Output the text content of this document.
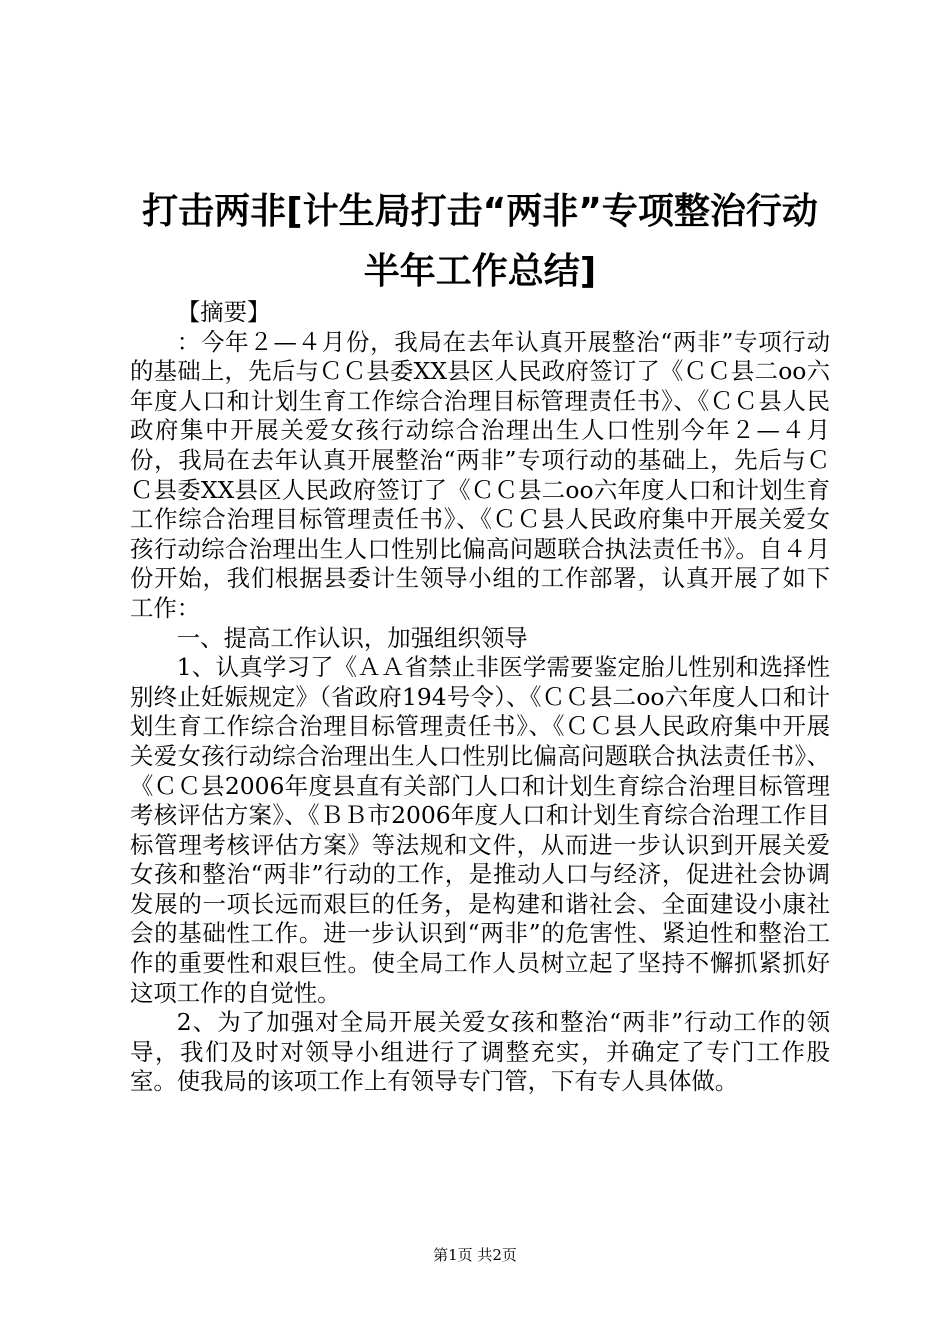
打击两非[计生局打击“两非”专项整治行动
半年工作总结]

【摘要】

：今年２—４月份，我局在去年认真开展整治“两非”专项行动的基础上，先后与ＣＣ县委XX县区人民政府签订了《ＣＣ县二oo六年度人口和计划生育工作综合治理目标管理责任书》、《ＣＣ县人民政府集中开展关爱女孩行动综合治理出生人口性别今年２—４月份，我局在去年认真开展整治“两非”专项行动的基础上，先后与ＣＣ县委XX县区人民政府签订了《ＣＣ县二oo六年度人口和计划生育工作综合治理目标管理责任书》、《ＣＣ县人民政府集中开展关爱女孩行动综合治理出生人口性别比偏高问题联合执法责任书》。自４月份开始，我们根据县委计生领导小组的工作部署，认真开展了如下工作：

一、提高工作认识，加强组织领导

1、认真学习了《ＡＡ省禁止非医学需要鉴定胎儿性别和选择性别终止妊娠规定》（省政府194号令）、《ＣＣ县二oo六年度人口和计划生育工作综合治理目标管理责任书》、《ＣＣ县人民政府集中开展关爱女孩行动综合治理出生人口性别比偏高问题联合执法责任书》、《ＣＣ县2006年度县直有关部门人口和计划生育综合治理目标管理考核评估方案》、《ＢＢ市2006年度人口和计划生育综合治理工作目标管理考核评估方案》等法规和文件，从而进一步认识到开展关爱女孩和整治“两非”行动的工作，是推动人口与经济，促进社会协调发展的一项长远而艰巨的任务，是构建和谐社会、全面建设小康社会的基础性工作。进一步认识到“两非”的危害性、紧迫性和整治工作的重要性和艰巨性。使全局工作人员树立起了坚持不懈抓紧抓好这项工作的自觉性。

2、为了加强对全局开展关爱女孩和整治“两非”行动工作的领导，我们及时对领导小组进行了调整充实，并确定了专门工作股室。使我局的该项工作上有领导专门管，下有专人具体做。

第1页 共2页
